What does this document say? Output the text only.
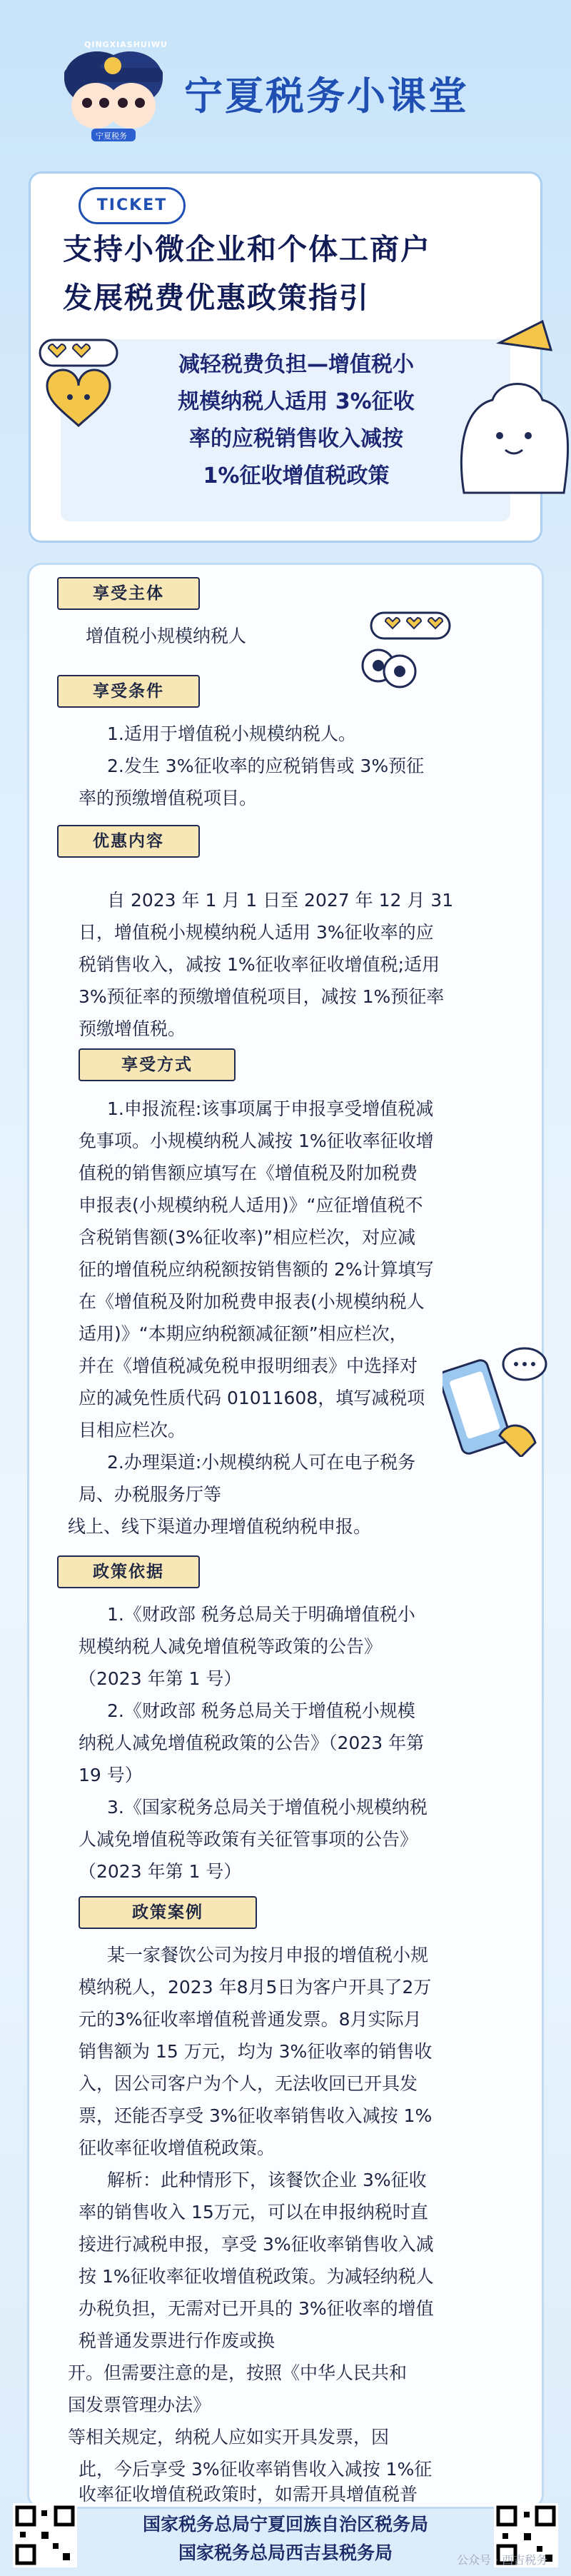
QINGXIASHUIWU
宁夏税务
宁夏税务小课堂
TICKET
支持小微企业和个体工商户
发展税费优惠政策指引
减轻税费负担—增值税小
规模纳税人适用 3%征收
率的应税销售收入减按
1%征收增值税政策
享受主体
增值税小规模纳税人
享受条件
1.适用于增值税小规模纳税人。
2.发生 3%征收率的应税销售或 3%预征
率的预缴增值税项目。
优惠内容
自 2023 年 1 月 1 日至 2027 年 12 月 31
日，增值税小规模纳税人适用 3%征收率的应
税销售收入，减按 1%征收率征收增值税;适用
3%预征率的预缴增值税项目，减按 1%预征率
预缴增值税。
享受方式
1.申报流程:该事项属于申报享受增值税减
免事项。小规模纳税人减按 1%征收率征收增
值税的销售额应填写在《增值税及附加税费
申报表(小规模纳税人适用)》“应征增值税不
含税销售额(3%征收率)”相应栏次，对应减
征的增值税应纳税额按销售额的 2%计算填写
在《增值税及附加税费申报表(小规模纳税人
适用)》“本期应纳税额减征额”相应栏次，
并在《增值税减免税申报明细表》中选择对
应的减免性质代码 01011608，填写减税项
目相应栏次。
2.办理渠道:小规模纳税人可在电子税务
局、办税服务厅等
线上、线下渠道办理增值税纳税申报。
政策依据
1.《财政部 税务总局关于明确增值税小
规模纳税人减免增值税等政策的公告》
（2023 年第 1 号）
2.《财政部 税务总局关于增值税小规模
纳税人减免增值税政策的公告》（2023 年第
19 号）
3.《国家税务总局关于增值税小规模纳税
人减免增值税等政策有关征管事项的公告》
（2023 年第 1 号）
政策案例
某一家餐饮公司为按月申报的增值税小规
模纳税人，2023 年8月5日为客户开具了2万
元的3%征收率增值税普通发票。8月实际月
销售额为 15 万元，均为 3%征收率的销售收
入，因公司客户为个人，无法收回已开具发
票，还能否享受 3%征收率销售收入减按 1%
征收率征收增值税政策。
解析：此种情形下，该餐饮企业 3%征收
率的销售收入 15万元，可以在申报纳税时直
接进行减税申报，享受 3%征收率销售收入减
按 1%征收率征收增值税政策。为减轻纳税人
办税负担，无需对已开具的 3%征收率的增值
税普通发票进行作废或换
开。但需要注意的是，按照《中华人民共和
国发票管理办法》
等相关规定，纳税人应如实开具发票，因
此，今后享受 3%征收率销售收入减按 1%征
收率征收增值税政策时，如需开具增值税普
国家税务总局宁夏回族自治区税务局
国家税务总局西吉县税务局	公众号 · 西吉税务
